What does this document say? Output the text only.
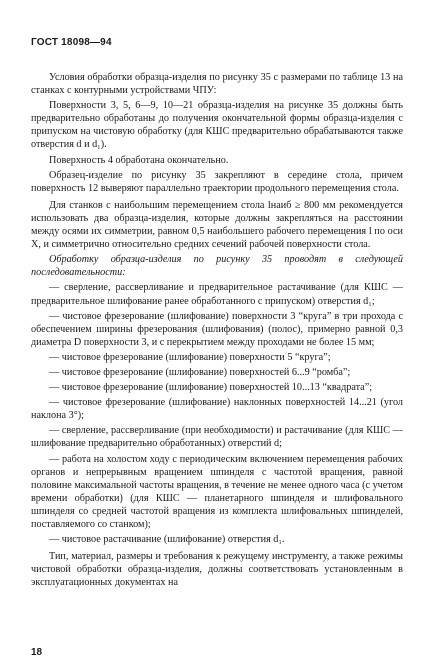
ГОСТ 18098—94

Условия обработки образца-изделия по рисунку 35 с размерами по таблице 13 на станках с контурными устройствами ЧПУ:

Поверхности 3, 5, 6—9, 10—21 образца-изделия на рисунке 35 должны быть предварительно обработаны до получения окончательной формы образца-изделия с припуском на чистовую обработку (для КШС предварительно обрабатываются также отверстия d и d₁).

Поверхность 4 обработана окончательно.

Образец-изделие по рисунку 35 закрепляют в середине стола, причем поверхность 12 выверяют параллельно траектории продольного перемещения стола.

Для станков с наибольшим перемещением стола lнаиб ≥ 800 мм рекомендуется использовать два образца-изделия, которые должны закрепляться на расстоянии между осями их симметрии, равном 0,5 наибольшего рабочего перемещения l по оси X, и симметрично относительно средних сечений рабочей поверхности стола.

Обработку образца-изделия по рисунку 35 проводят в следующей последовательности:

— сверление, рассверливание и предварительное растачивание (для КШС — предварительное шлифование ранее обработанного с припуском) отверстия d₁;

— чистовое фрезерование (шлифование) поверхности 3 “круга” в три прохода с обеспечением ширины фрезерования (шлифования) (полос), примерно равной 0,3 диаметра D поверхности 3, и с перекрытием между проходами не более 15 мм;

— чистовое фрезерование (шлифование) поверхности 5 “круга”;

— чистовое фрезерование (шлифование) поверхностей 6...9 “ромба”;

— чистовое фрезерование (шлифование) поверхностей 10...13 “квадрата”;

— чистовое фрезерование (шлифование) наклонных поверхностей 14...21 (угол наклона 3°);

— сверление, рассверливание (при необходимости) и растачивание (для КШС — шлифование предварительно обработанных) отверстий d;

— работа на холостом ходу с периодическим включением перемещения рабочих органов и непрерывным вращением шпинделя с частотой вращения, равной половине максимальной частоты вращения, в течение не менее одного часа (с учетом времени обработки) (для КШС — планетарного шпинделя и шлифовального шпинделя со средней частотой вращения из комплекта шлифовальных шпинделей, поставляемого со станком);

— чистовое растачивание (шлифование) отверстия d₁.

Тип, материал, размеры и требования к режущему инструменту, а также режимы чистовой обработки образца-изделия, должны соответствовать установленным в эксплуатационных документах на

18
